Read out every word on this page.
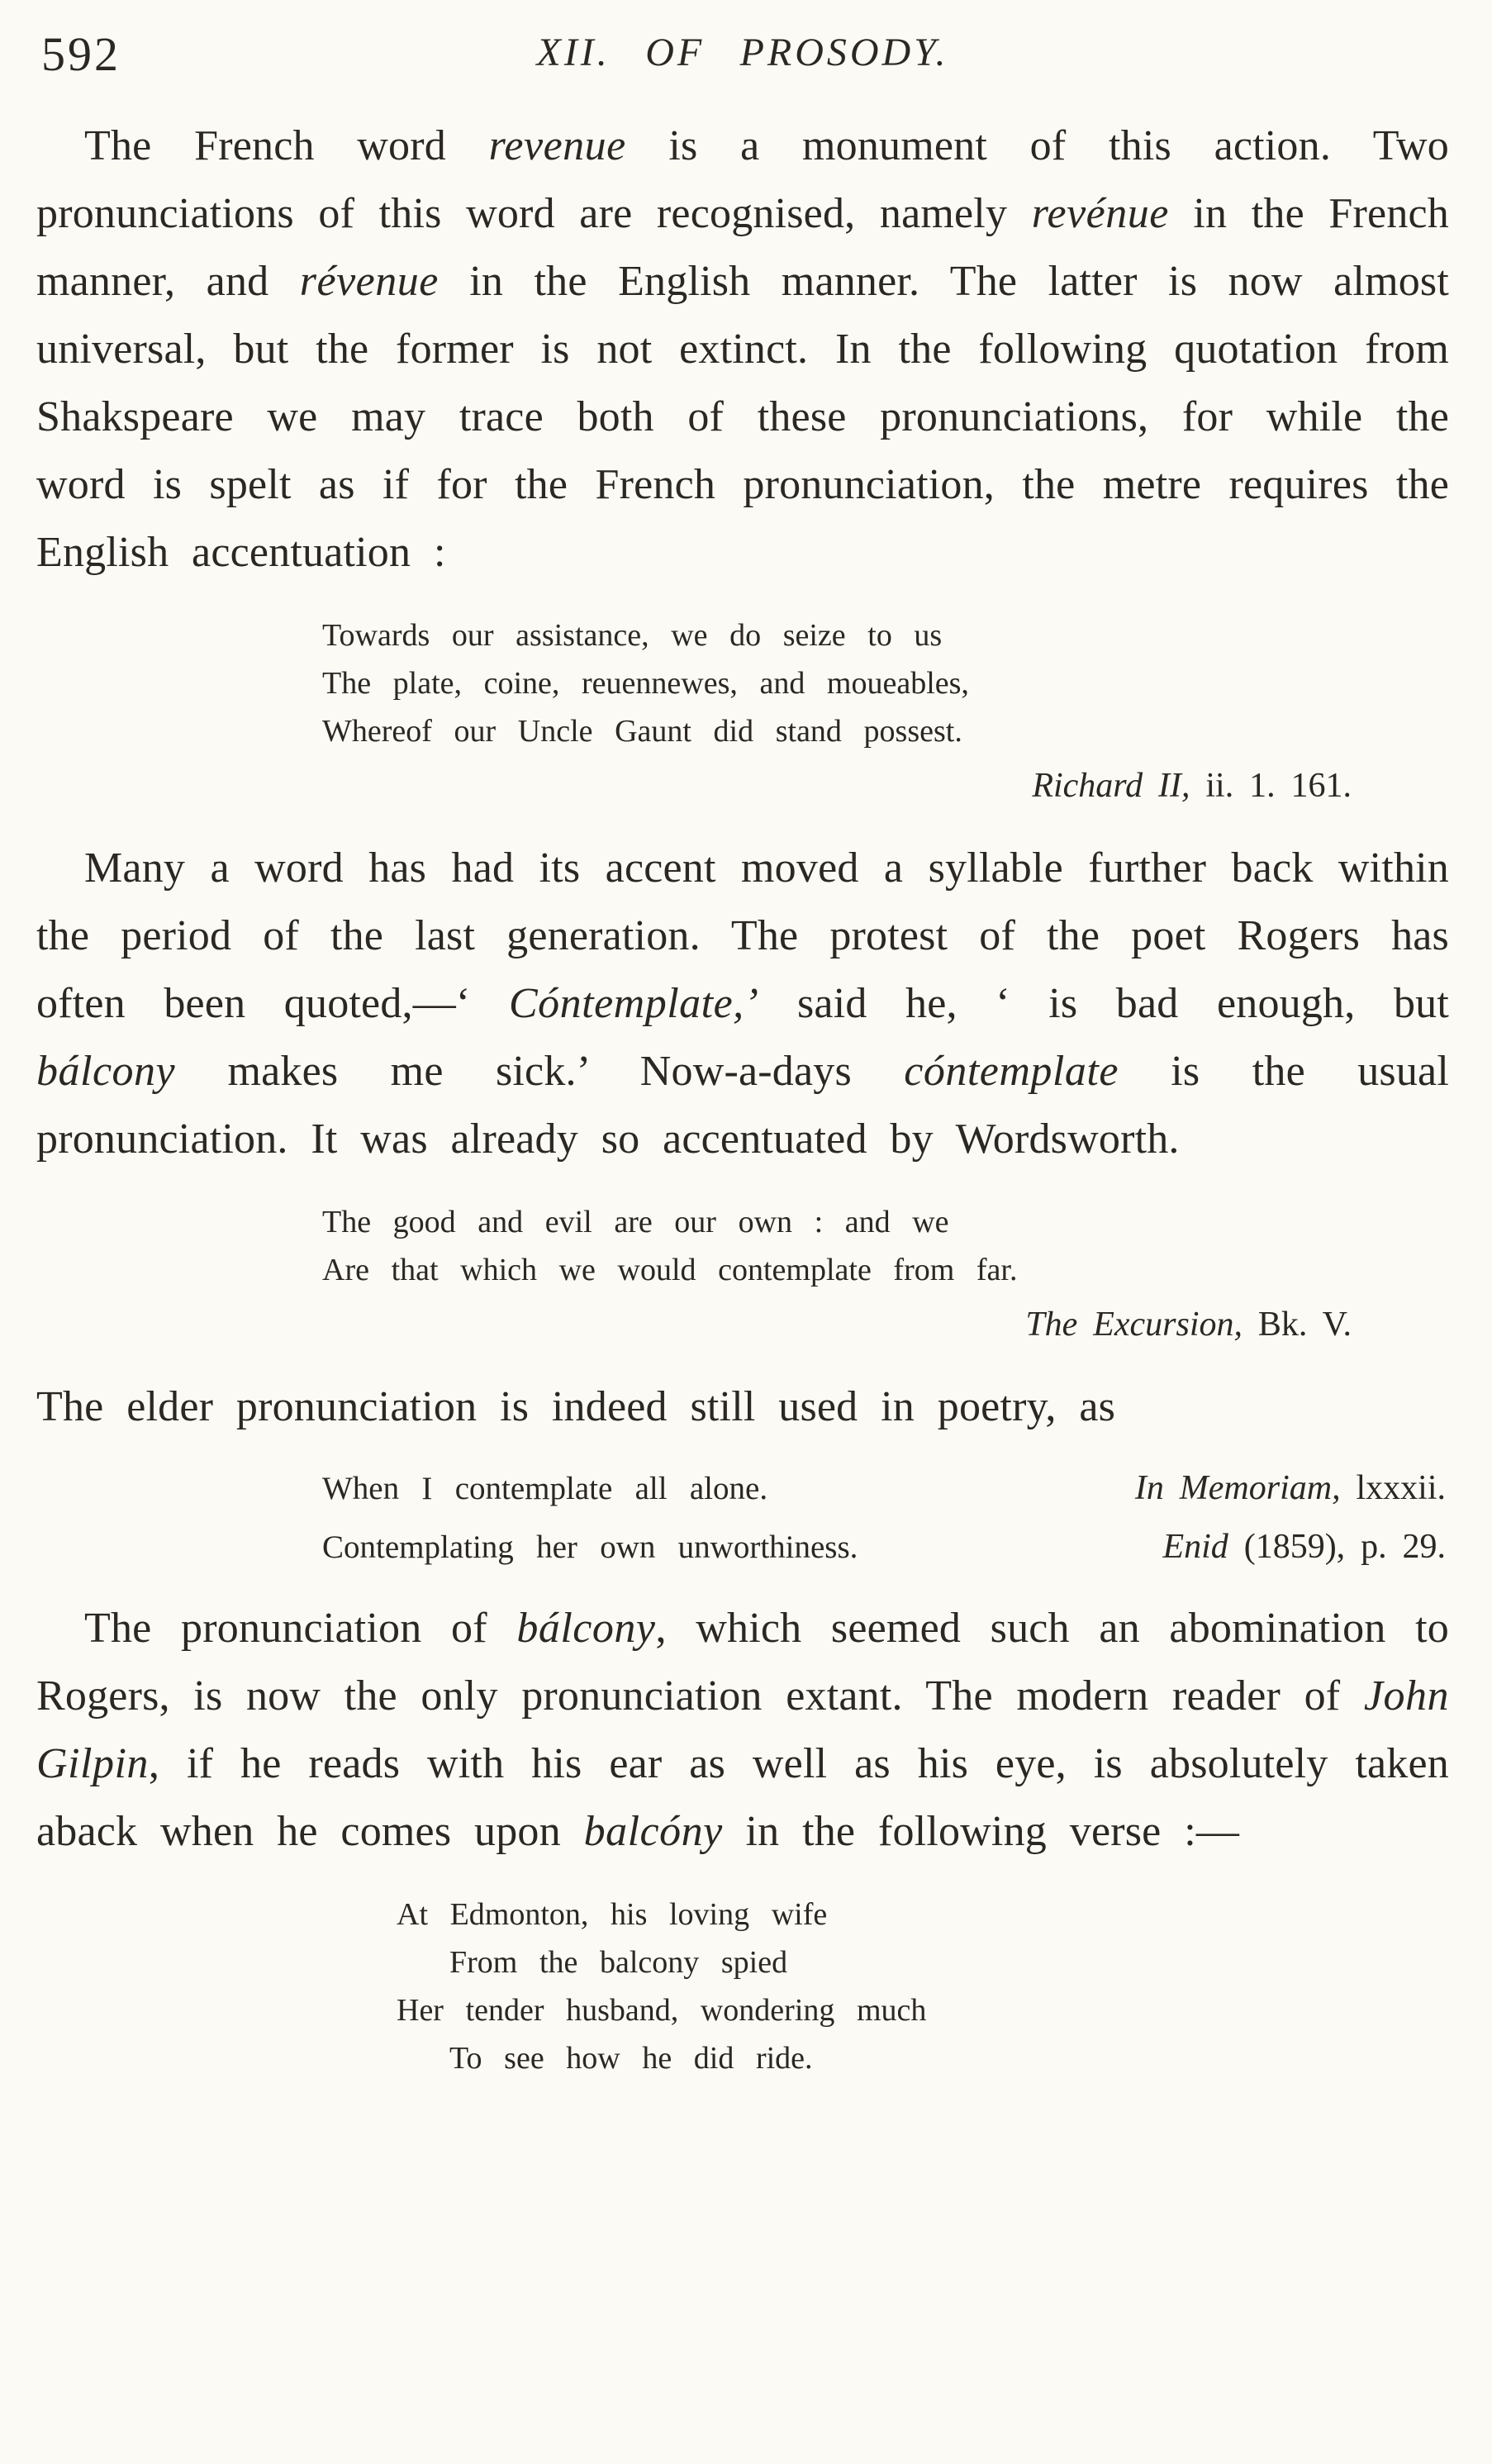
592	XII. OF PROSODY.

The French word revenue is a monument of this action. Two pronunciations of this word are recognised, namely revénue in the French manner, and révenue in the English manner. The latter is now almost universal, but the former is not extinct. In the following quotation from Shakspeare we may trace both of these pronunciations, for while the word is spelt as if for the French pronunciation, the metre requires the English accentuation :

Towards our assistance, we do seize to us
The plate, coine, reuennewes, and moueables,
Whereof our Uncle Gaunt did stand possest.
Richard II, ii. 1. 161.

Many a word has had its accent moved a syllable further back within the period of the last generation. The protest of the poet Rogers has often been quoted,—‘ Cóntemplate,’ said he, ‘ is bad enough, but bálcony makes me sick.’ Now-a-days cóntemplate is the usual pronunciation. It was already so accentuated by Wordsworth.

The good and evil are our own : and we
Are that which we would contemplate from far.
The Excursion, Bk. V.

The elder pronunciation is indeed still used in poetry, as

When I contemplate all alone.	In Memoriam, lxxxii.
Contemplating her own unworthiness.	Enid (1859), p. 29.

The pronunciation of bálcony, which seemed such an abomination to Rogers, is now the only pronunciation extant. The modern reader of John Gilpin, if he reads with his ear as well as his eye, is absolutely taken aback when he comes upon balcóny in the following verse :—

At Edmonton, his loving wife
From the balcony spied
Her tender husband, wondering much
To see how he did ride.
